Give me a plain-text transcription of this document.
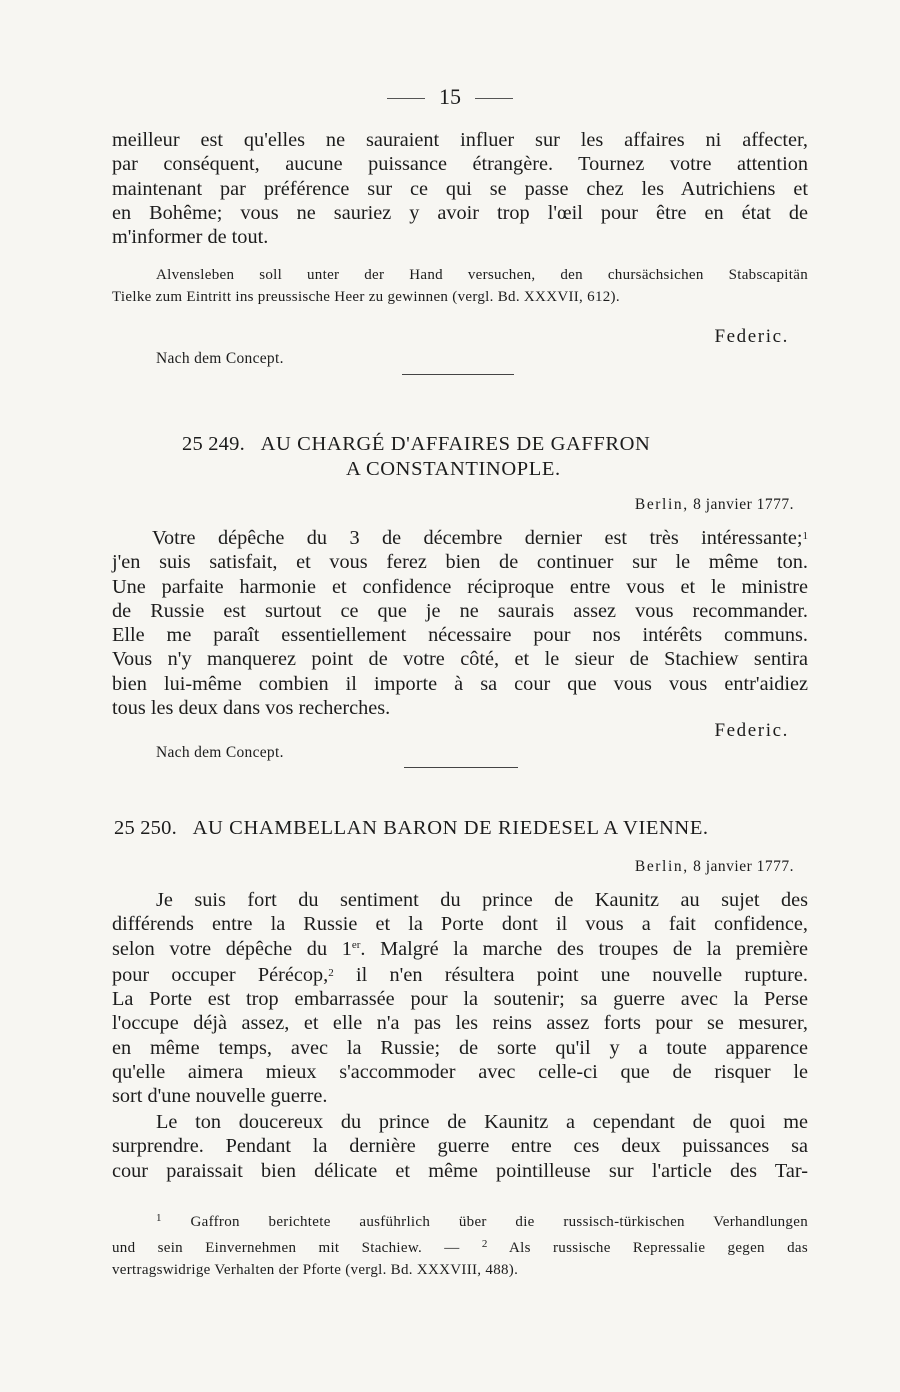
15
meilleur est qu'elles ne sauraient influer sur les affaires ni affecter,
par conséquent, aucune puissance étrangère. Tournez votre attention
maintenant par préférence sur ce qui se passe chez les Autrichiens et
en Bohême; vous ne sauriez y avoir trop l'œil pour être en état de
m'informer de tout.
Alvensleben soll unter der Hand versuchen, den chursächsichen Stabscapitän
Tielke zum Eintritt ins preussische Heer zu gewinnen (vergl. Bd. XXXVII, 612).
Federic.
Nach dem Concept.
25 249. AU CHARGÉ D'AFFAIRES DE GAFFRON
A CONSTANTINOPLE.
Berlin, 8 janvier 1777.
Votre dépêche du 3 de décembre dernier est très intéressante;$^1$
j'en suis satisfait, et vous ferez bien de continuer sur le même ton.
Une parfaite harmonie et confidence réciproque entre vous et le ministre
de Russie est surtout ce que je ne saurais assez vous recommander.
Elle me paraît essentiellement nécessaire pour nos intérêts communs.
Vous n'y manquerez point de votre côté, et le sieur de Stachiew sentira
bien lui-même combien il importe à sa cour que vous vous entr'aidiez
tous les deux dans vos recherches.
Federic.
Nach dem Concept.
25 250. AU CHAMBELLAN BARON DE RIEDESEL A VIENNE.
Berlin, 8 janvier 1777.
Je suis fort du sentiment du prince de Kaunitz au sujet des
différends entre la Russie et la Porte dont il vous a fait confidence,
selon votre dépêche du 1er. Malgré la marche des troupes de la première
pour occuper Pérécop,$^2$ il n'en résultera point une nouvelle rupture.
La Porte est trop embarrassée pour la soutenir; sa guerre avec la Perse
l'occupe déjà assez, et elle n'a pas les reins assez forts pour se mesurer,
en même temps, avec la Russie; de sorte qu'il y a toute apparence
qu'elle aimera mieux s'accommoder avec celle-ci que de risquer le
sort d'une nouvelle guerre.
Le ton doucereux du prince de Kaunitz a cependant de quoi me
surprendre. Pendant la dernière guerre entre ces deux puissances sa
cour paraissait bien délicate et même pointilleuse sur l'article des Tar-
$^1$ Gaffron berichtete ausführlich über die russisch-türkischen Verhandlungen
und sein Einvernehmen mit Stachiew. — $^2$ Als russische Repressalie gegen das
vertragswidrige Verhalten der Pforte (vergl. Bd. XXXVIII, 488).
